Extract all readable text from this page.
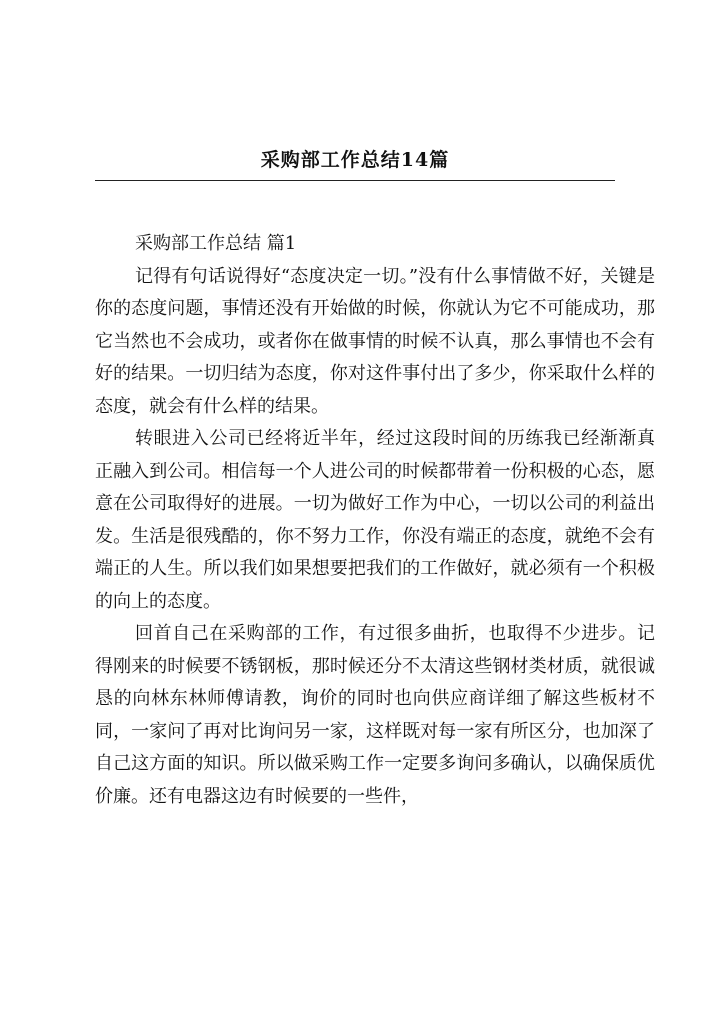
采购部工作总结14篇
采购部工作总结 篇1

记得有句话说得好“态度决定一切。”没有什么事情做不好，关键是你的态度问题，事情还没有开始做的时候，你就认为它不可能成功，那它当然也不会成功，或者你在做事情的时候不认真，那么事情也不会有好的结果。一切归结为态度，你对这件事付出了多少，你采取什么样的态度，就会有什么样的结果。

转眼进入公司已经将近半年，经过这段时间的历练我已经渐渐真正融入到公司。相信每一个人进公司的时候都带着一份积极的心态，愿意在公司取得好的进展。一切为做好工作为中心，一切以公司的利益出发。生活是很残酷的，你不努力工作，你没有端正的态度，就绝不会有端正的人生。所以我们如果想要把我们的工作做好，就必须有一个积极的向上的态度。

回首自己在采购部的工作，有过很多曲折，也取得不少进步。记得刚来的时候要不锈钢板，那时候还分不太清这些钢材类材质，就很诚恳的向林东林师傅请教，询价的同时也向供应商详细了解这些板材不同，一家问了再对比询问另一家，这样既对每一家有所区分，也加深了自己这方面的知识。所以做采购工作一定要多询问多确认，以确保质优价廉。还有电器这边有时候要的一些件，
